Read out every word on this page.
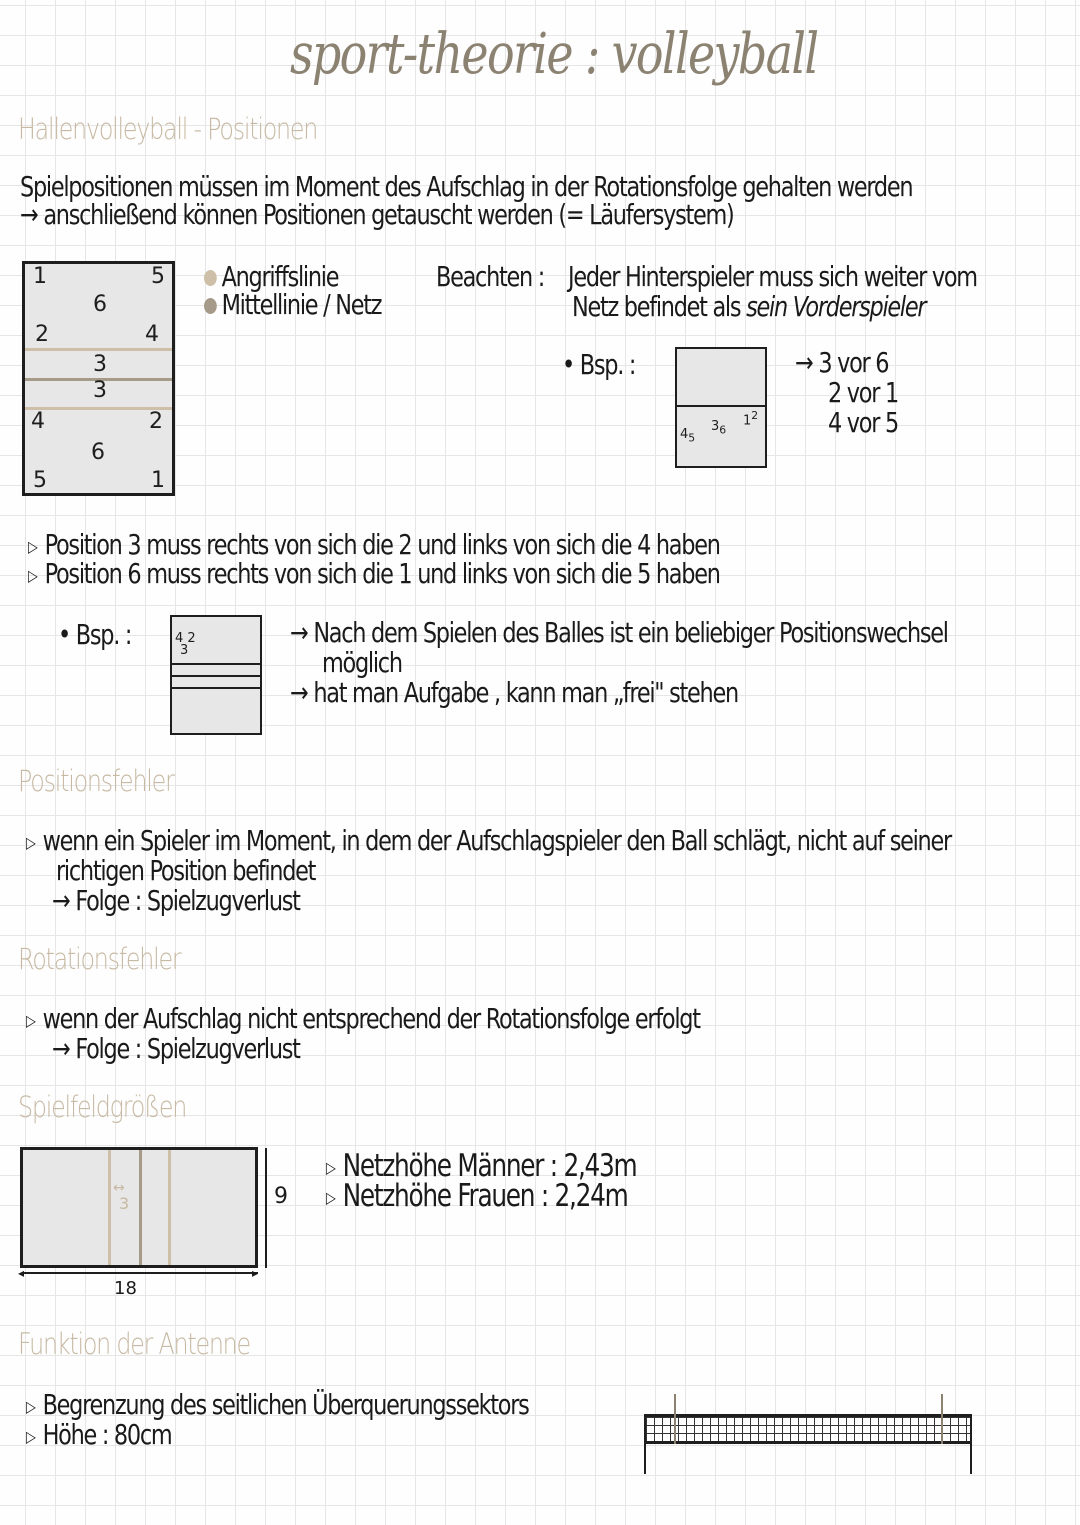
sport-theorie : volleyball
Hallenvolleyball - Positionen
Spielpositionen müssen im Moment des Aufschlag in der Rotationsfolge gehalten werden
→ anschließend können Positionen getauscht werden (= Läufersystem)
1	5
6
2	4
3
3
4	2
6
5	1
Angriffslinie
Mittellinie / Netz
Beachten : Jeder Hinterspieler muss sich weiter vom
Netz befindet als sein Vorderspieler
• Bsp. :
$4_5$
$3_6$
$1^2$
→ 3 vor 6
2 vor 1
4 vor 5
▷ Position 3 muss rechts von sich die 2 und links von sich die 4 haben
▷ Position 6 muss rechts von sich die 1 und links von sich die 5 haben
• Bsp. :	4 2
3
→ Nach dem Spielen des Balles ist ein beliebiger Positionswechsel
möglich
→ hat man Aufgabe , kann man „frei" stehen
Positionsfehler
▷ wenn ein Spieler im Moment, in dem der Aufschlagspieler den Ball schlägt, nicht auf seiner
richtigen Position befindet
→ Folge : Spielzugverlust
Rotationsfehler
▷ wenn der Aufschlag nicht entsprechend der Rotationsfolge erfolgt
→ Folge : Spielzugverlust
Spielfeldgrößen
↔
3	9
◂	▸
18
▷ Netzhöhe Männer : 2,43m
▷ Netzhöhe Frauen : 2,24m
Funktion der Antenne
▷ Begrenzung des seitlichen Überquerungssektors
▷ Höhe : 80cm
